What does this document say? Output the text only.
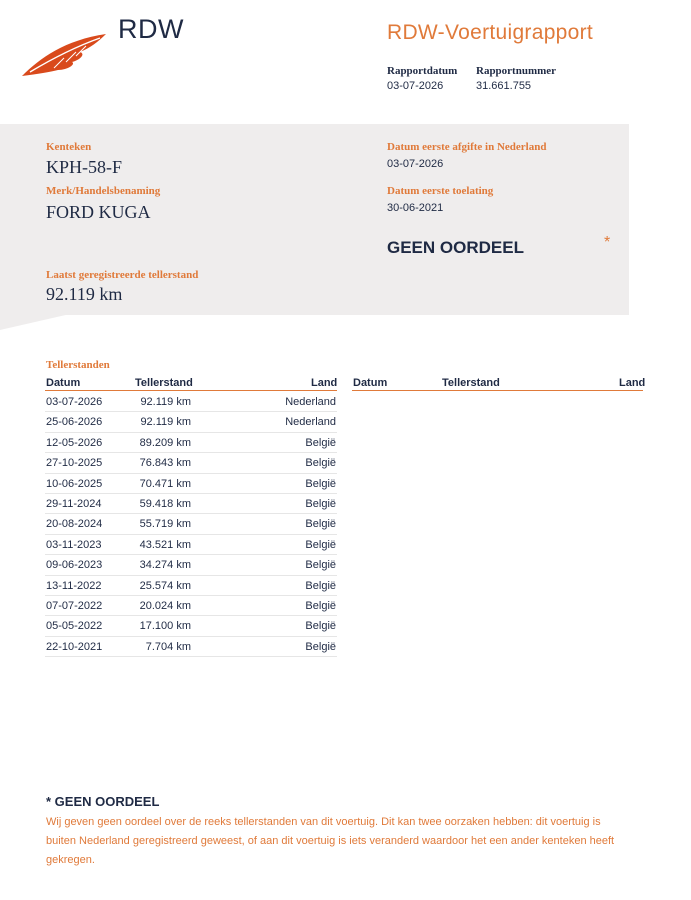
RDW	RDW-Voertuigrapport
Rapportdatum
03-07-2026
Rapportnummer
31.661.755
Kenteken
KPH-58-F
Merk/Handelsbenaming
FORD KUGA
Datum eerste afgifte in Nederland
03-07-2026
Datum eerste toelating
30-06-2021
GEEN OORDEEL	*
Laatst geregistreerde tellerstand
92.119 km
Tellerstanden
Datum	Tellerstand	Land Datum	Tellerstand	Land
03-07-2026	92.119 km	Nederland
25-06-2026	92.119 km	Nederland
12-05-2026	89.209 km	België
27-10-2025	76.843 km	België
10-06-2025	70.471 km	België
29-11-2024	59.418 km	België
20-08-2024	55.719 km	België
03-11-2023	43.521 km	België
09-06-2023	34.274 km	België
13-11-2022	25.574 km	België
07-07-2022	20.024 km	België
05-05-2022	17.100 km	België
22-10-2021	7.704 km	België
* GEEN OORDEEL
Wij geven geen oordeel over de reeks tellerstanden van dit voertuig. Dit kan twee oorzaken hebben: dit voertuig is buiten Nederland geregistreerd geweest, of aan dit voertuig is iets veranderd waardoor het een ander kenteken heeft gekregen.
